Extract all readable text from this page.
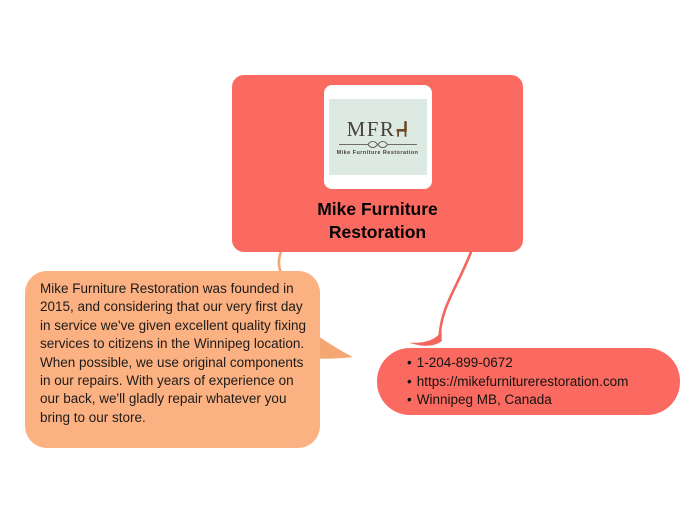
MFR
Mike Furniture Restoration
Mike Furniture Restoration

Mike Furniture Restoration was founded in 2015, and considering that our very first day in service we've given excellent quality fixing services to citizens in the Winnipeg location. When possible, we use original components in our repairs. With years of experience on our back, we'll gladly repair whatever you bring to our store.

• 1-204-899-0672
• https://mikefurniturerestoration.com
• Winnipeg MB, Canada
